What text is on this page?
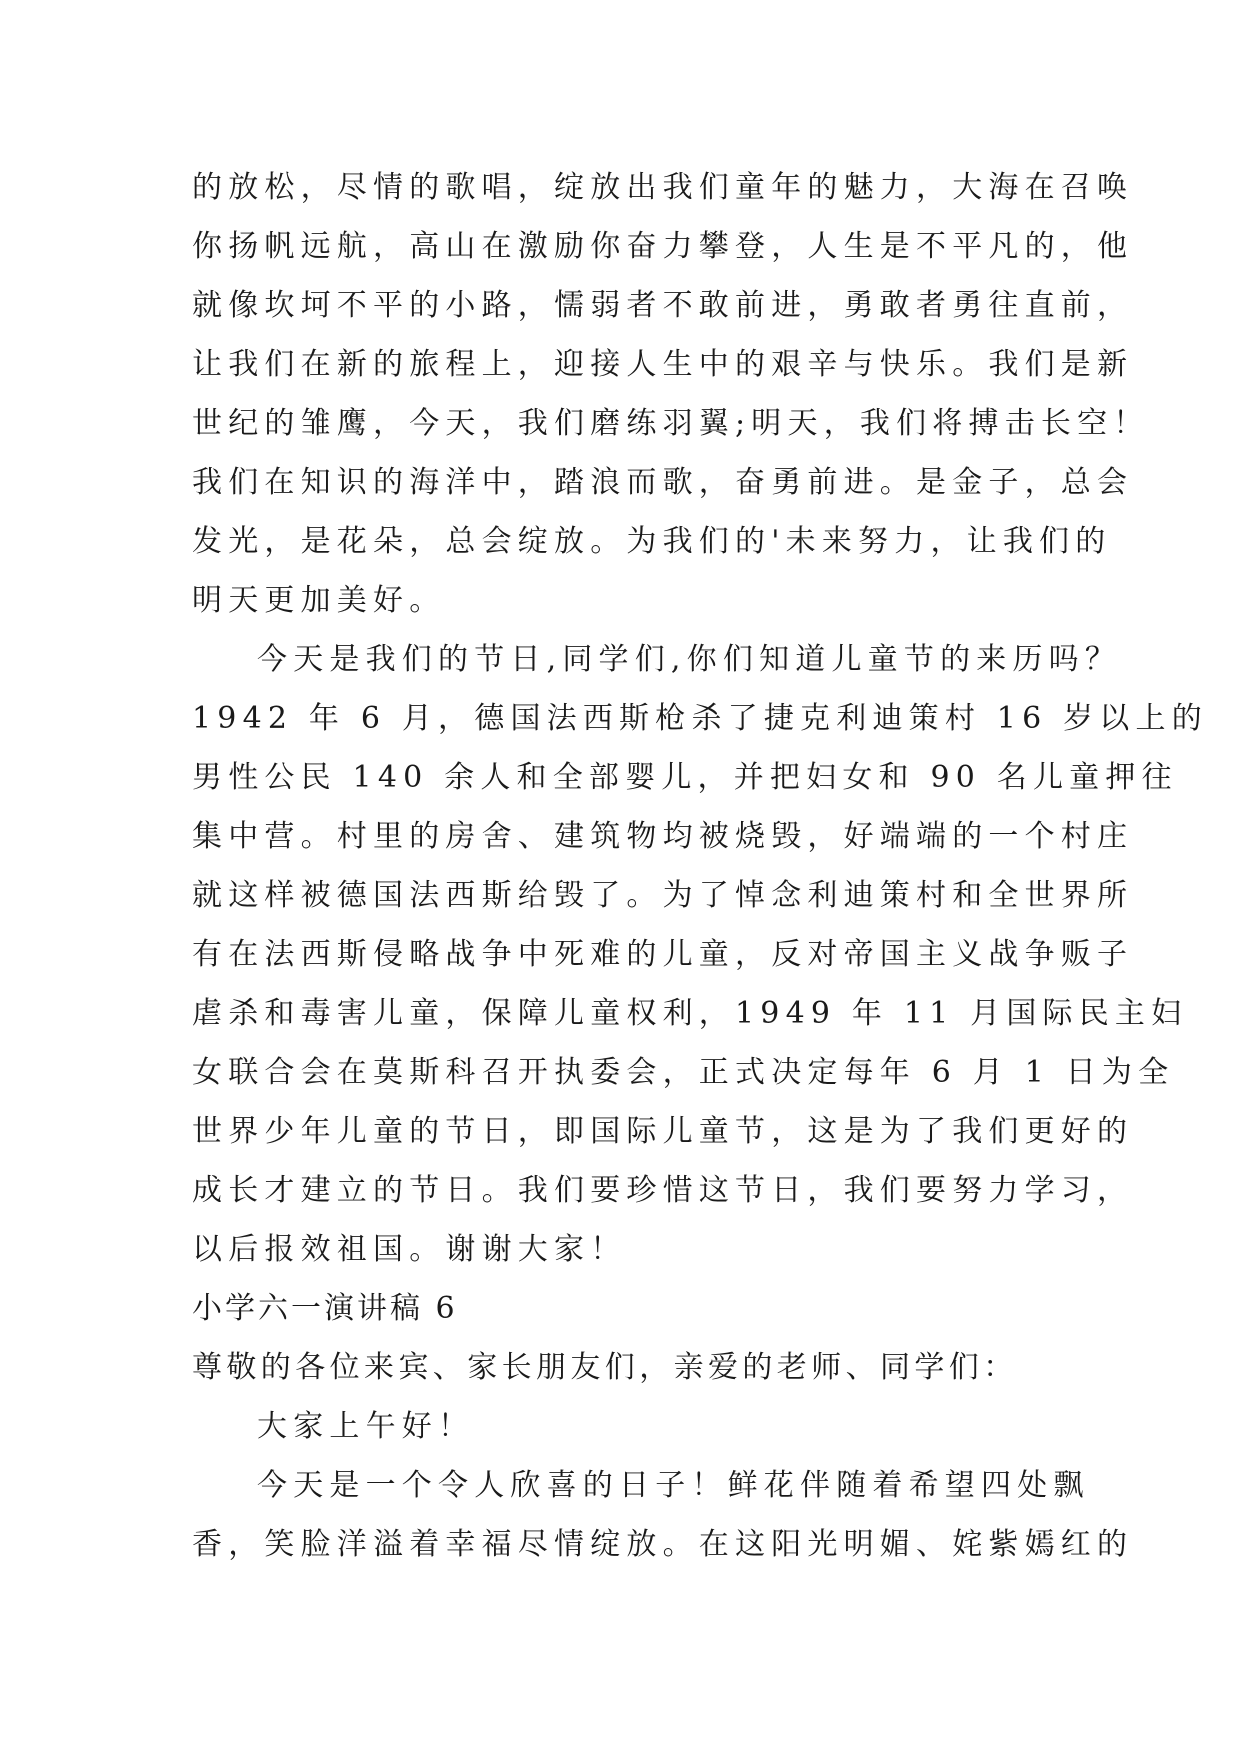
的放松，尽情的歌唱，绽放出我们童年的魅力，大海在召唤
你扬帆远航，高山在激励你奋力攀登，人生是不平凡的，他
就像坎坷不平的小路，懦弱者不敢前进，勇敢者勇往直前，
让我们在新的旅程上，迎接人生中的艰辛与快乐。我们是新
世纪的雏鹰，今天，我们磨练羽翼;明天，我们将搏击长空！
我们在知识的海洋中，踏浪而歌，奋勇前进。是金子，总会
发光，是花朵，总会绽放。为我们的'未来努力，让我们的
明天更加美好。
今天是我们的节日,同学们,你们知道儿童节的来历吗？
1942 年 6 月，德国法西斯枪杀了捷克利迪策村 16 岁以上的
男性公民 140 余人和全部婴儿，并把妇女和 90 名儿童押往
集中营。村里的房舍、建筑物均被烧毁，好端端的一个村庄
就这样被德国法西斯给毁了。为了悼念利迪策村和全世界所
有在法西斯侵略战争中死难的儿童，反对帝国主义战争贩子
虐杀和毒害儿童，保障儿童权利，1949 年 11 月国际民主妇
女联合会在莫斯科召开执委会，正式决定每年 6 月 1 日为全
世界少年儿童的节日，即国际儿童节，这是为了我们更好的
成长才建立的节日。我们要珍惜这节日，我们要努力学习，
以后报效祖国。谢谢大家！
小学六一演讲稿 6
尊敬的各位来宾、家长朋友们，亲爱的老师、同学们：
大家上午好！
今天是一个令人欣喜的日子！鲜花伴随着希望四处飘
香，笑脸洋溢着幸福尽情绽放。在这阳光明媚、姹紫嫣红的
